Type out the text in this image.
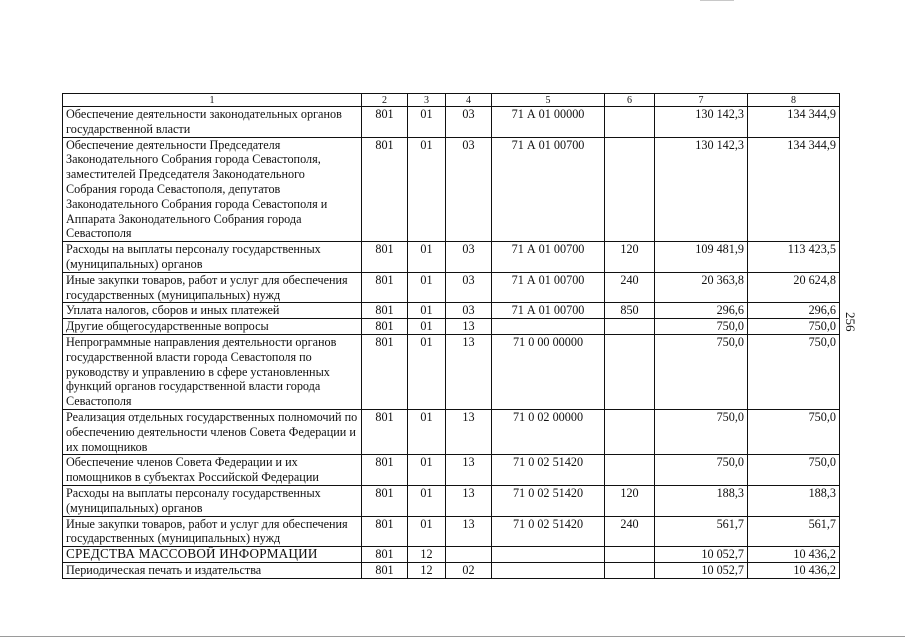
1	2	3	4	5	6	7	8
Обеспечение деятельности законодательных органов государственной власти	801	01	03	71 А 01 00000		130 142,3	134 344,9
Обеспечение деятельности Председателя Законодательного Собрания города Севастополя, заместителей Председателя Законодательного Собрания города Севастополя, депутатов Законодательного Собрания города Севастополя и Аппарата Законодательного Собрания города Севастополя	801	01	03	71 А 01 00700		130 142,3	134 344,9
Расходы на выплаты персоналу государственных (муниципальных) органов	801	01	03	71 А 01 00700	120	109 481,9	113 423,5
Иные закупки товаров, работ и услуг для обеспечения государственных (муниципальных) нужд	801	01	03	71 А 01 00700	240	20 363,8	20 624,8
Уплата налогов, сборов и иных платежей	801	01	03	71 А 01 00700	850	296,6	296,6
Другие общегосударственные вопросы	801	01	13			750,0	750,0
Непрограммные направления деятельности органов государственной власти города Севастополя по руководству и управлению в сфере установленных функций органов государственной власти города Севастополя	801	01	13	71 0 00 00000		750,0	750,0
Реализация отдельных государственных полномочий по обеспечению деятельности членов Совета Федерации и их помощников	801	01	13	71 0 02 00000		750,0	750,0
Обеспечение членов Совета Федерации и их помощников в субъектах Российской Федерации	801	01	13	71 0 02 51420		750,0	750,0
Расходы на выплаты персоналу государственных (муниципальных) органов	801	01	13	71 0 02 51420	120	188,3	188,3
Иные закупки товаров, работ и услуг для обеспечения государственных (муниципальных) нужд	801	01	13	71 0 02 51420	240	561,7	561,7
СРЕДСТВА МАССОВОЙ ИНФОРМАЦИИ	801	12				10 052,7	10 436,2
Периодическая печать и издательства	801	12	02			10 052,7	10 436,2
256
